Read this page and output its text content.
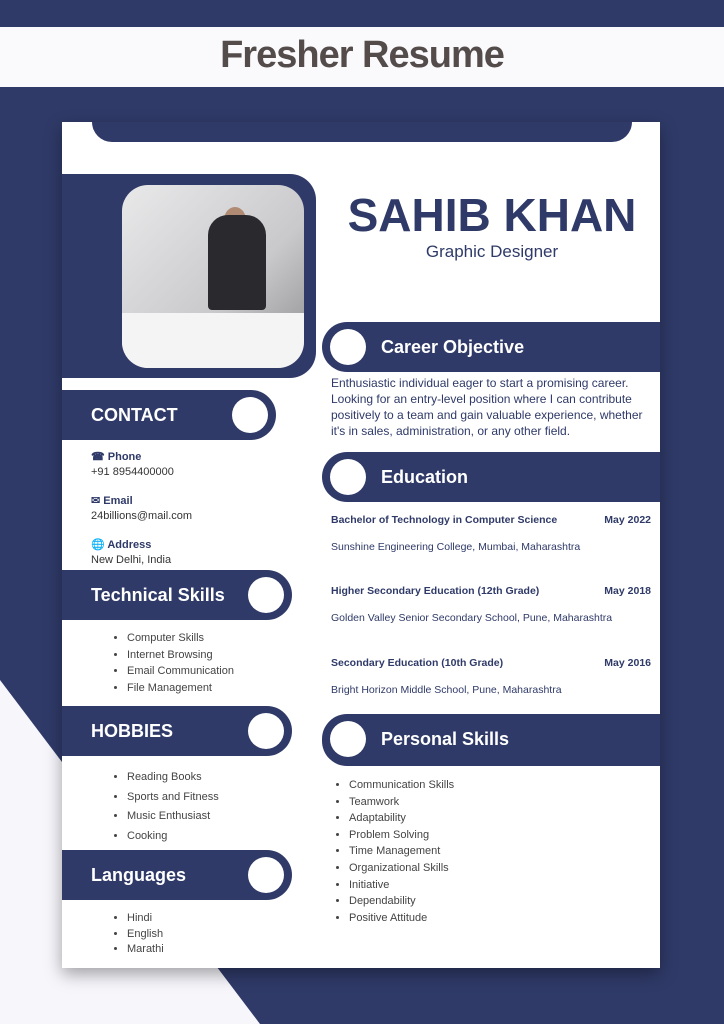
Fresher Resume
SAHIB KHAN
Graphic Designer
CONTACT
☎ Phone
+91 8954400000
✉ Email
24billions@mail.com
🌐 Address
New Delhi, India
Technical Skills
• Computer Skills
• Internet Browsing
• Email Communication
• File Management
HOBBIES
• Reading Books
• Sports and Fitness
• Music Enthusiast
• Cooking
Languages
• Hindi
• English
• Marathi
Career Objective
Enthusiastic individual eager to start a promising career. Looking for an entry-level position where I can contribute positively to a team and gain valuable experience, whether it's in sales, administration, or any other field.
Education
Bachelor of Technology in Computer Science	May 2022
Sunshine Engineering College, Mumbai, Maharashtra
Higher Secondary Education (12th Grade)	May 2018
Golden Valley Senior Secondary School, Pune, Maharashtra
Secondary Education (10th Grade)	May 2016
Bright Horizon Middle School, Pune, Maharashtra
Personal Skills
• Communication Skills
• Teamwork
• Adaptability
• Problem Solving
• Time Management
• Organizational Skills
• Initiative
• Dependability
• Positive Attitude
